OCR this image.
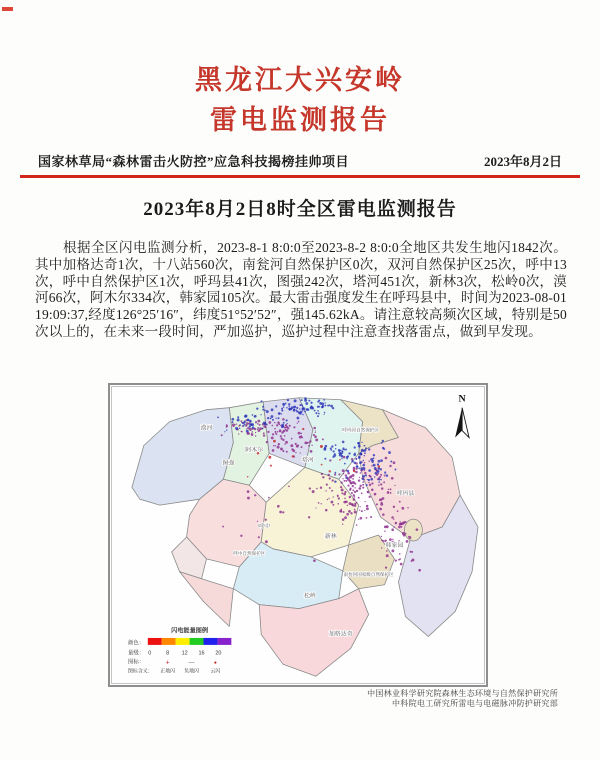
黑龙江大兴安岭
雷电监测报告
国家林草局“森林雷击火防控”应急科技揭榜挂帅项目	2023年8月2日
2023年8月2日8时全区雷电监测报告

根据全区闪电监测分析，2023-8-1 8:0:0至2023-8-2 8:0:0全地区共发生地闪1842次。其中加格达奇1次，十八站560次，南瓮河自然保护区0次，双河自然保护区25次，呼中13次，呼中自然保护区1次，呼玛县41次，图强242次，塔河451次，新林3次，松岭0次，漠河66次，阿木尔334次，韩家园105次。最大雷击强度发生在呼玛县中，时间为2023-08-01 19:09:37,经度126°25′16″，纬度51°52′52″，强145.62kA。请注意较高频次区域，特别是50次以上的，在未来一段时间，严加巡护，巡护过程中注意查找落雷点，做到早发现。

漠河
图强
阿木尔
塔河
呼玛河自然保护区
呼玛县
呼中
呼中自然保护区
新林
韩家园
南瓮河国家级自然保护区
松岭
加格达奇
N
闪电能量图例
颜色：
量级： 0	8 12 16 20
图标：	+	—	●
图标含义： 正地闪 负地闪 云闪
中国林业科学研究院森林生态环境与自然保护研究所
中科院电工研究所雷电与电磁脉冲防护研究部
